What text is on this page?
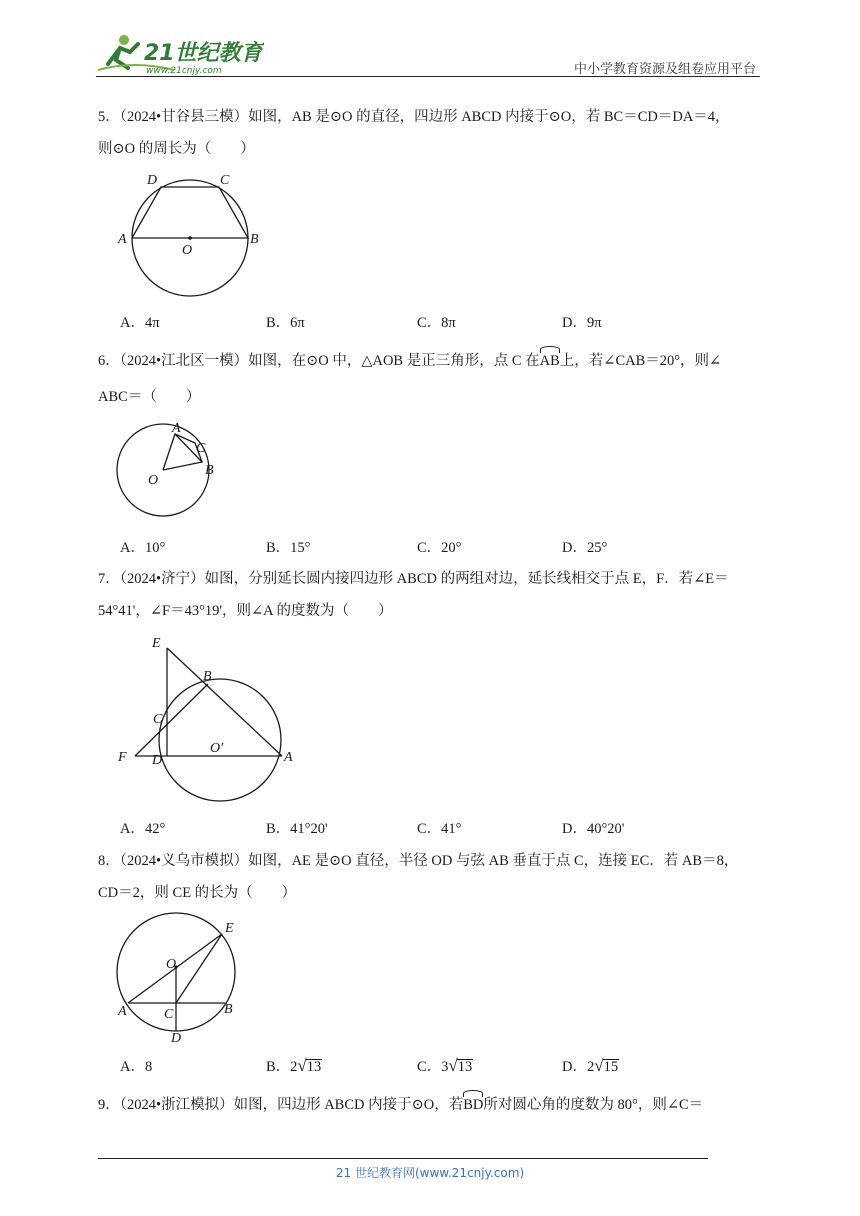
21世纪教育
www.21cnjy.com	中小学教育资源及组卷应用平台
5．（2024•甘谷县三模）如图，AB 是⊙O 的直径，四边形 ABCD 内接于⊙O，若 BC＝CD＝DA＝4，
则⊙O 的周长为（　　）
D	C
A	B
O
A．4π	B．6π	C．8π	D．9π
6．（2024•江北区一模）如图，在⊙O 中，△AOB 是正三角形，点 C 在AB上，若∠CAB＝20°，则∠
ABC＝（　　）
A
C
B
O
A．10°	B．15°	C．20°	D．25°
7．（2024•济宁）如图，分别延长圆内接四边形 ABCD 的两组对边，延长线相交于点 E，F．若∠E＝
54°41'，∠F＝43°19'，则∠A 的度数为（　　）
E
B
C
F D
O′
A
A．42°	B．41°20'	C．41°	D．40°20'
8．（2024•义乌市模拟）如图，AE 是⊙O 直径，半径 OD 与弦 AB 垂直于点 C，连接 EC．若 AB＝8，
CD＝2，则 CE 的长为（　　）
E
O
A	C	B
D
A．8	B．2√13	C．3√13	D．2√15
9．（2024•浙江模拟）如图，四边形 ABCD 内接于⊙O，若BD所对圆心角的度数为 80°，则∠C＝
21 世纪教育网(www.21cnjy.com)
